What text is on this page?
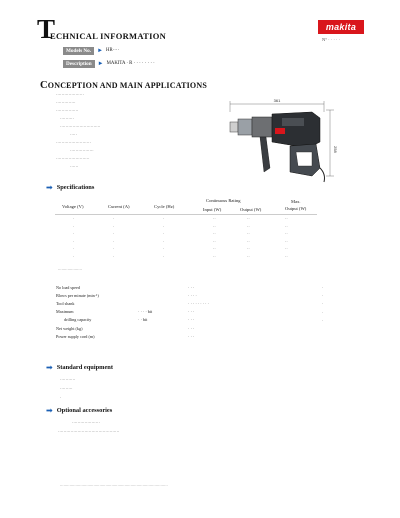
T
ECHNICAL INFORMATION
makita
N° · · · · ·
Models No.	► HR····
Description	► MAKITA · R · · · · · · · ·
CONCEPTION AND MAIN APPLICATIONS
····················
··············
················
··········
·····························
·····
·························
·················
························
······
361
258
➡ Specifications
Voltage (V)	Current (A)	Cycle (Hz)
Continuous Rating
Input (W)	Output (W)
Max.
Output (W)
·	·	·	··	··	··
·	·	·	··	··	··
·	·	·	··	··	··
·	·	·	··	··	··
·	·	·	··	··	··
·	·	·	··	··	··
····················
No load speed	· · ·
Blows per minute (min·¹)	· · · ·
Tool shank	· · · · · · · · ·
Maximum	· · · · bit	· · ·
drilling capacity	· · bit	· · ·
Net weight (kg)	· · ·
Power supply cord (m)	· · ·
·
·
·
·
·
➡ Standard equipment
···········
·········
·
➡ Optional accessories
····················
············································
··························································································
